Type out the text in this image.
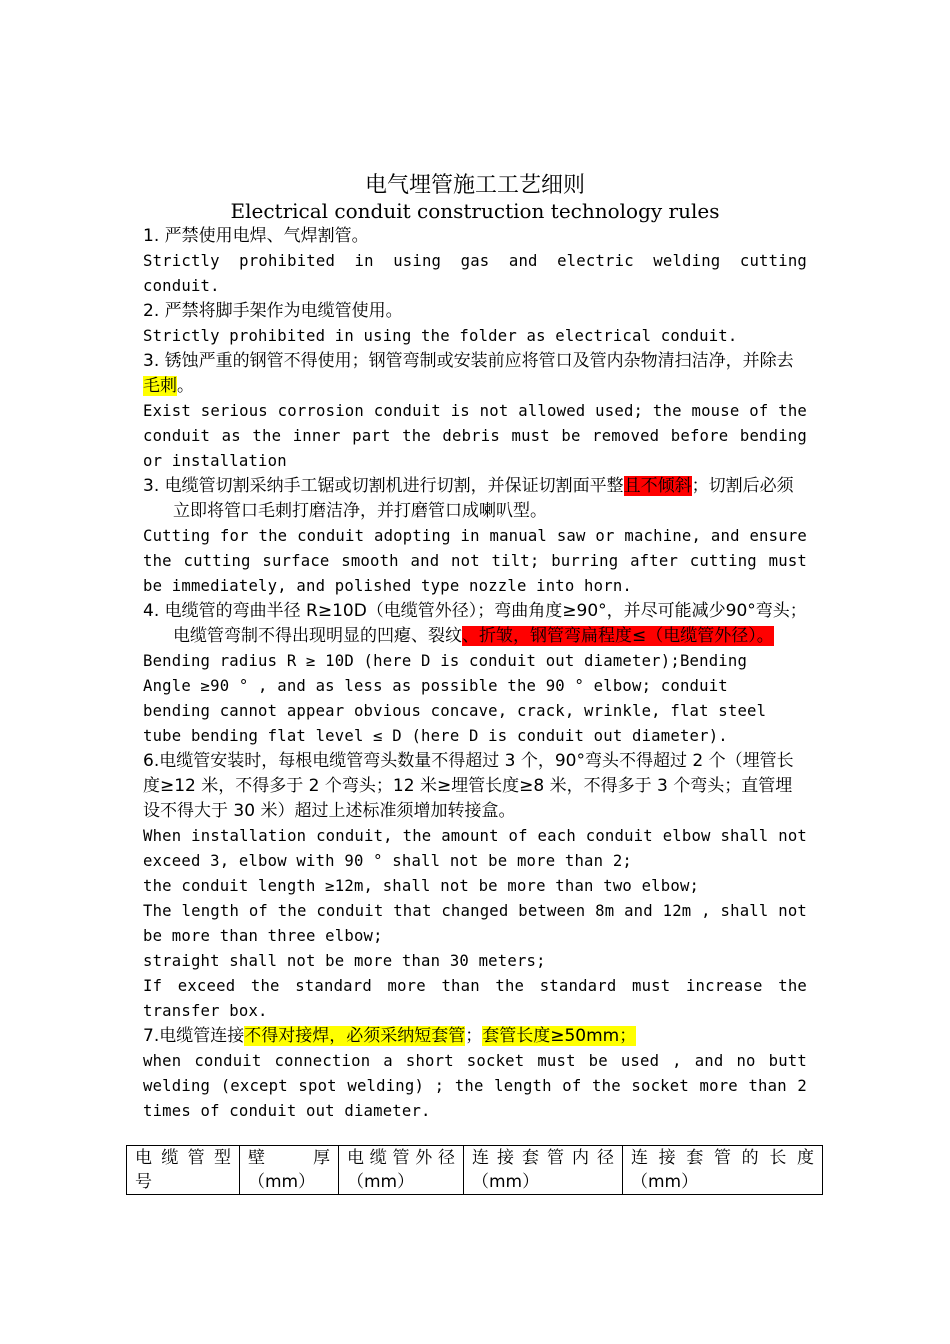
电气埋管施工工艺细则
Electrical conduit construction technology rules

1. 严禁使用电焊、气焊割管。

Strictly prohibited in using gas and electric welding cutting conduit.

2. 严禁将脚手架作为电缆管使用。

Strictly prohibited in using the folder as electrical conduit.

3. 锈蚀严重的钢管不得使用；钢管弯制或安装前应将管口及管内杂物清扫洁净，并除去毛刺。

Exist serious corrosion conduit is not allowed used; the mouse of the conduit as the inner part the debris must be removed before bending or installation

3. 电缆管切割采纳手工锯或切割机进行切割，并保证切割面平整且不倾斜；切割后必须立即将管口毛刺打磨洁净，并打磨管口成喇叭型。

Cutting for the conduit adopting in manual saw or machine, and ensure the cutting surface smooth and not tilt; burring after cutting must be immediately, and polished type nozzle into horn.

4. 电缆管的弯曲半径 R≥10D（电缆管外径）；弯曲角度≥90°，并尽可能减少90°弯头；电缆管弯制不得出现明显的凹瘪、裂纹、折皱，钢管弯扁程度≤（电缆管外径）。

Bending radius R ≥ 10D (here D is conduit out diameter);Bending

Angle ≥90 ° , and as less as possible the 90 ° elbow; conduit

bending cannot appear obvious concave, crack, wrinkle, flat steel

tube bending flat level ≤ D (here D is conduit out diameter).

6.电缆管安装时，每根电缆管弯头数量不得超过 3 个，90°弯头不得超过 2 个（埋管长度≥12 米，不得多于 2 个弯头；12 米≥埋管长度≥8 米，不得多于 3 个弯头；直管埋设不得大于 30 米）超过上述标准须增加转接盒。

When installation conduit, the amount of each conduit elbow shall not exceed 3, elbow with 90 ° shall not be more than 2;

the conduit length ≥12m, shall not be more than two elbow;

The length of the conduit that changed between 8m and 12m , shall not be more than three elbow;

straight shall not be more than 30 meters;

If exceed the standard more than the standard must increase the transfer box.

7.电缆管连接不得对接焊，必须采纳短套管；套管长度≥50mm；

when conduit connection a short socket must be used , and no butt welding (except spot welding) ; the length of the socket more than 2 times of conduit out diameter.

电缆管型
号
	壁 厚
（mm）
	电缆管外径
（mm）
	连接套管内径
（mm）
	连接套管的长度
（mm）
